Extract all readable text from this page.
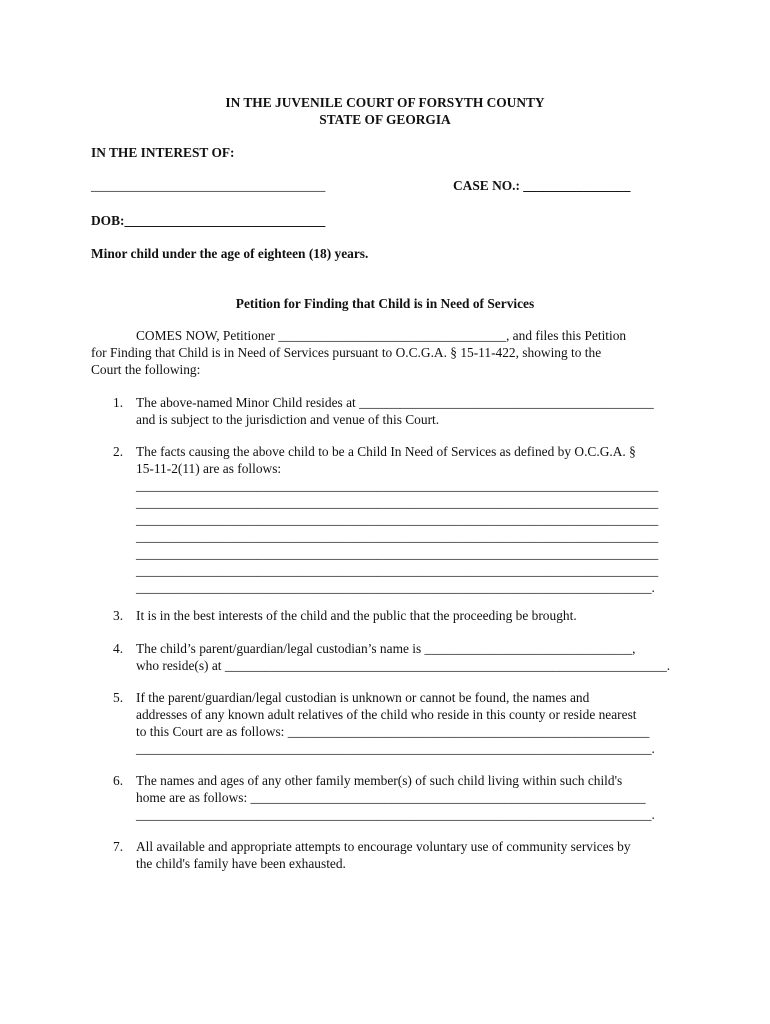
IN THE JUVENILE COURT OF FORSYTH COUNTY
STATE OF GEORGIA
IN THE INTEREST OF:
___________________________________	CASE NO.: ________________
DOB:______________________________
Minor child under the age of eighteen (18) years.
Petition for Finding that Child is in Need of Services
COMES NOW, Petitioner __________________________________, and files this Petition
for Finding that Child is in Need of Services pursuant to O.C.G.A. § 15-11-422, showing to the
Court the following:
1. The above-named Minor Child resides at ____________________________________________
and is subject to the jurisdiction and venue of this Court.
2. The facts causing the above child to be a Child In Need of Services as defined by O.C.G.A. §
15-11-2(11) are as follows:
______________________________________________________________________________
______________________________________________________________________________
______________________________________________________________________________
______________________________________________________________________________
______________________________________________________________________________
______________________________________________________________________________
_____________________________________________________________________________.
3. It is in the best interests of the child and the public that the proceeding be brought.
4. The child’s parent/guardian/legal custodian’s name is _______________________________,
who reside(s) at __________________________________________________________________.
5. If the parent/guardian/legal custodian is unknown or cannot be found, the names and
addresses of any known adult relatives of the child who reside in this county or reside nearest
to this Court are as follows: ______________________________________________________
_____________________________________________________________________________.
6. The names and ages of any other family member(s) of such child living within such child's
home are as follows: ___________________________________________________________
_____________________________________________________________________________.
7. All available and appropriate attempts to encourage voluntary use of community services by
the child's family have been exhausted.
